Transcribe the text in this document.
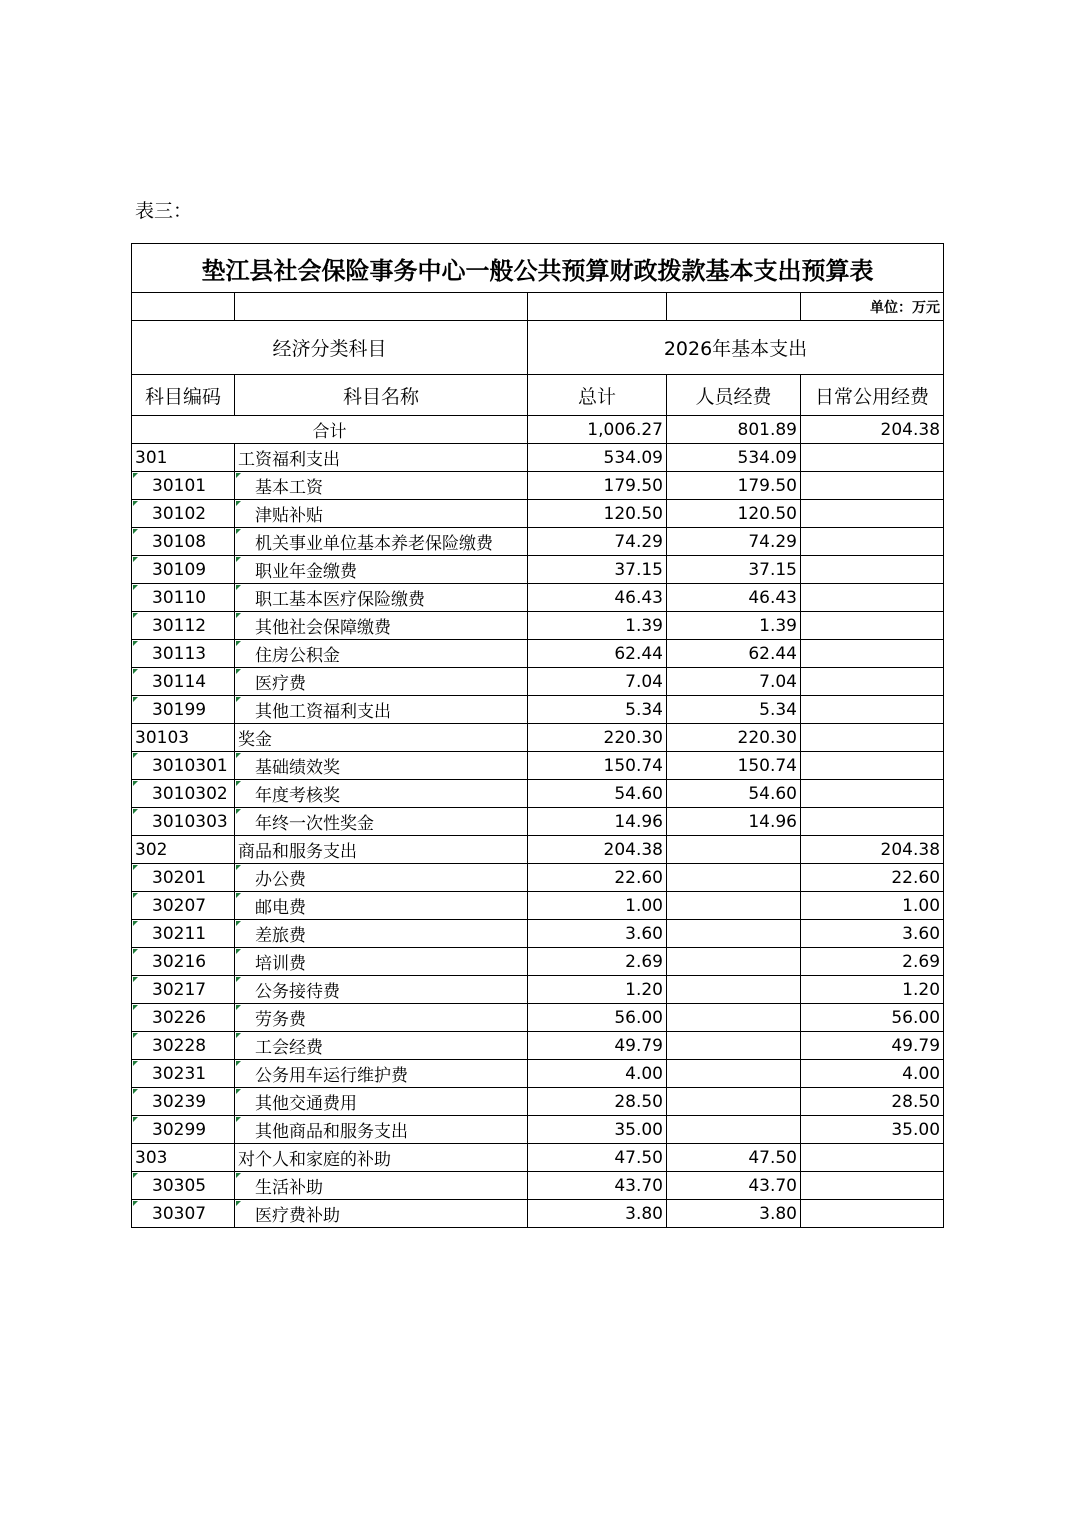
表三：
垫江县社会保险事务中心一般公共预算财政拨款基本支出预算表				
				单位：万元
经济分类科目		2026年基本支出		
科目编码	科目名称	总计	人员经费	日常公用经费
合计		1,006.27	801.89	204.38
301	工资福利支出	534.09	534.09	
30101	基本工资	179.50	179.50	
30102	津贴补贴	120.50	120.50	
30108	机关事业单位基本养老保险缴费	74.29	74.29	
30109	职业年金缴费	37.15	37.15	
30110	职工基本医疗保险缴费	46.43	46.43	
30112	其他社会保障缴费	1.39	1.39	
30113	住房公积金	62.44	62.44	
30114	医疗费	7.04	7.04	
30199	其他工资福利支出	5.34	5.34	
30103	奖金	220.30	220.30	
3010301	基础绩效奖	150.74	150.74	
3010302	年度考核奖	54.60	54.60	
3010303	年终一次性奖金	14.96	14.96	
302	商品和服务支出	204.38		204.38
30201	办公费	22.60		22.60
30207	邮电费	1.00		1.00
30211	差旅费	3.60		3.60
30216	培训费	2.69		2.69
30217	公务接待费	1.20		1.20
30226	劳务费	56.00		56.00
30228	工会经费	49.79		49.79
30231	公务用车运行维护费	4.00		4.00
30239	其他交通费用	28.50		28.50
30299	其他商品和服务支出	35.00		35.00
303	对个人和家庭的补助	47.50	47.50	
30305	生活补助	43.70	43.70	
30307	医疗费补助	3.80	3.80	
